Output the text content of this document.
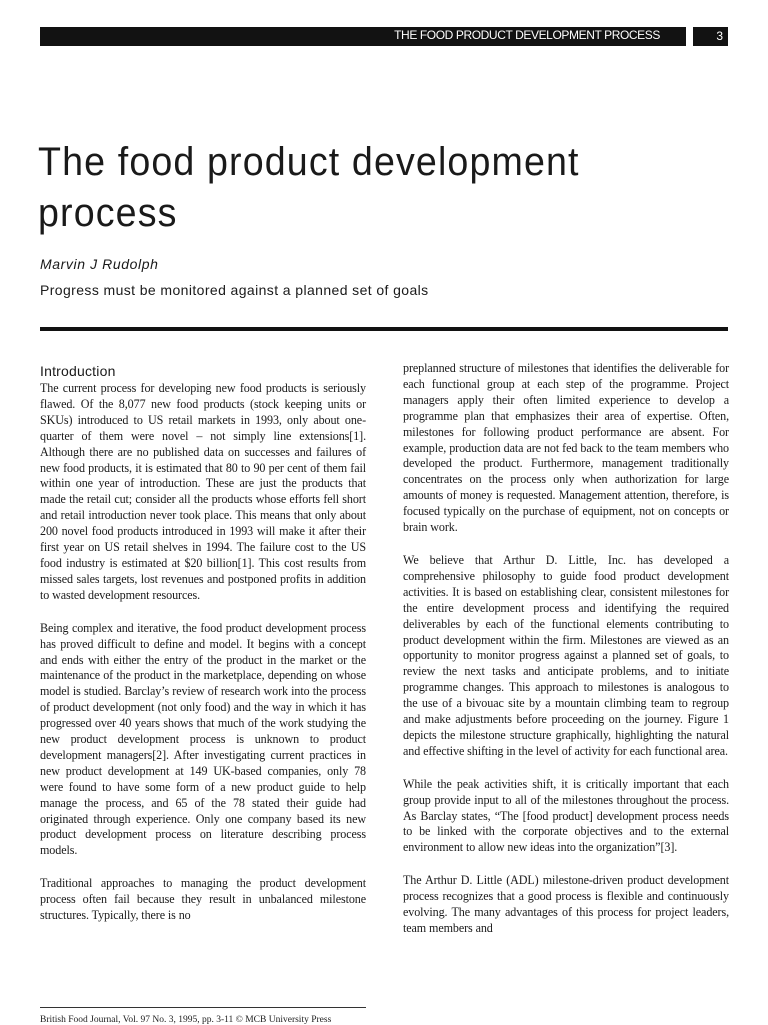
THE FOOD PRODUCT DEVELOPMENT PROCESS	3
The food product development process
Marvin J Rudolph
Progress must be monitored against a planned set of goals
Introduction

The current process for developing new food products is seriously flawed. Of the 8,077 new food products (stock keeping units or SKUs) introduced to US retail markets in 1993, only about one-quarter of them were novel – not simply line extensions[1]. Although there are no published data on successes and failures of new food products, it is estimated that 80 to 90 per cent of them fail within one year of introduction. These are just the products that made the retail cut; consider all the products whose efforts fell short and retail introduction never took place. This means that only about 200 novel food products introduced in 1993 will make it after their first year on US retail shelves in 1994. The failure cost to the US food industry is estimated at $20 billion[1]. This cost results from missed sales targets, lost revenues and postponed profits in addition to wasted development resources.

Being complex and iterative, the food product development process has proved difficult to define and model. It begins with a concept and ends with either the entry of the product in the market or the maintenance of the product in the marketplace, depending on whose model is studied. Barclay’s review of research work into the process of product development (not only food) and the way in which it has progressed over 40 years shows that much of the work studying the new product development process is unknown to product development managers[2]. After investigating current practices in new product development at 149 UK-based companies, only 78 were found to have some form of a new product guide to help manage the process, and 65 of the 78 stated their guide had originated through experience. Only one company based its new product development process on literature describing process models.

Traditional approaches to managing the product development process often fail because they result in unbalanced milestone structures. Typically, there is no

preplanned structure of milestones that identifies the deliverable for each functional group at each step of the programme. Project managers apply their often limited experience to develop a programme plan that emphasizes their area of expertise. Often, milestones for following product performance are absent. For example, production data are not fed back to the team members who developed the product. Furthermore, management traditionally concentrates on the process only when authorization for large amounts of money is requested. Management attention, therefore, is focused typically on the purchase of equipment, not on concepts or brain work.

We believe that Arthur D. Little, Inc. has developed a comprehensive philosophy to guide food product development activities. It is based on establishing clear, consistent milestones for the entire development process and identifying the required deliverables by each of the functional elements contributing to product development within the firm. Milestones are viewed as an opportunity to monitor progress against a planned set of goals, to review the next tasks and anticipate problems, and to initiate programme changes. This approach to milestones is analogous to the use of a bivouac site by a mountain climbing team to regroup and make adjustments before proceeding on the journey. Figure 1 depicts the milestone structure graphically, highlighting the natural and effective shifting in the level of activity for each functional area.

While the peak activities shift, it is critically important that each group provide input to all of the milestones throughout the process. As Barclay states, “The [food product] development process needs to be linked with the corporate objectives and to the external environment to allow new ideas into the organization”[3].

The Arthur D. Little (ADL) milestone-driven product development process recognizes that a good process is flexible and continuously evolving. The many advantages of this process for project leaders, team members and

British Food Journal, Vol. 97 No. 3, 1995, pp. 3-11 © MCB University Press
